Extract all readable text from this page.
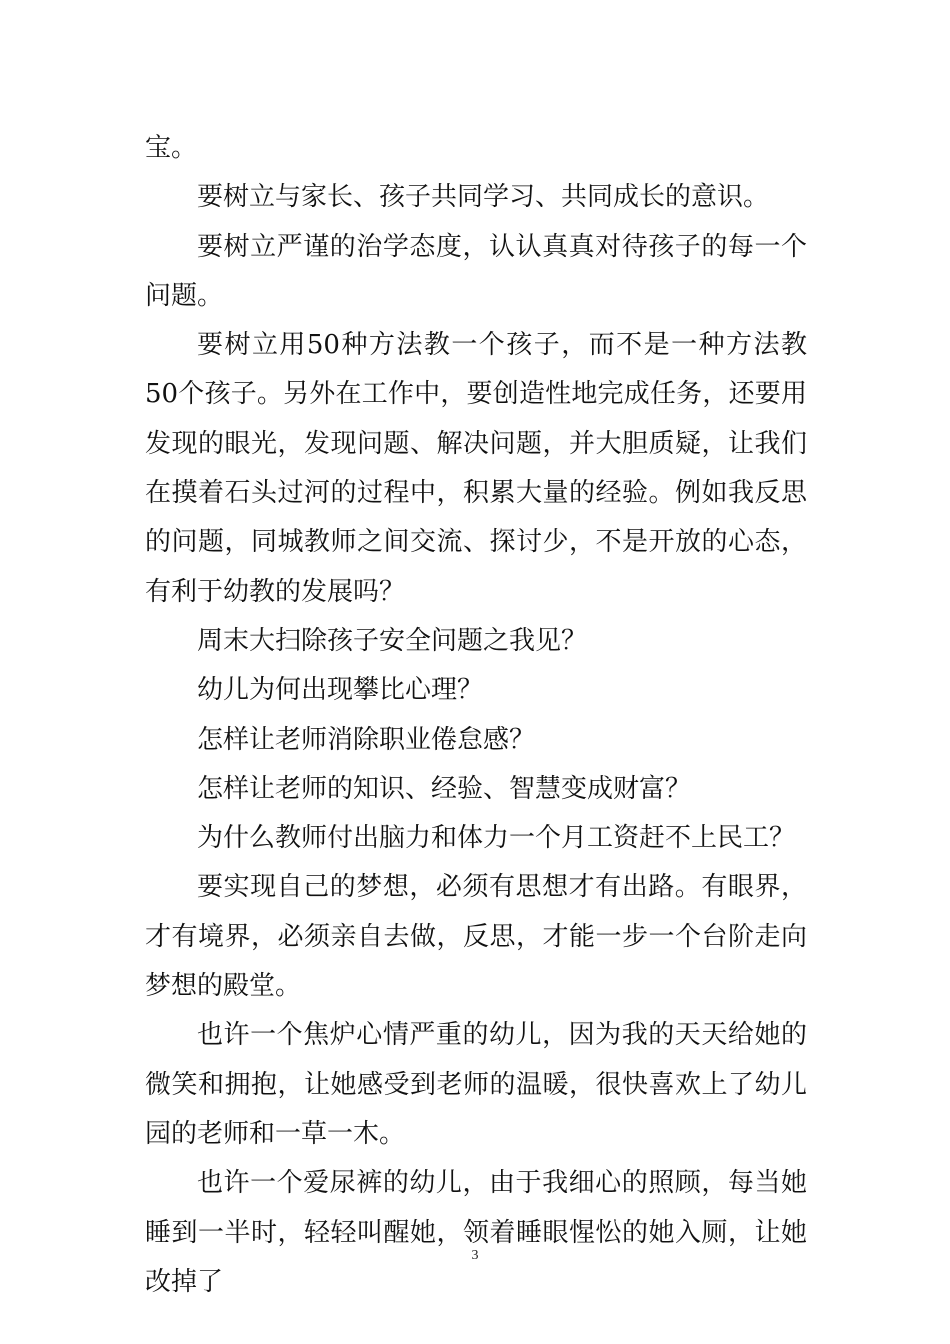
宝。

要树立与家长、孩子共同学习、共同成长的意识。

要树立严谨的治学态度，认认真真对待孩子的每一个问题。

要树立用50种方法教一个孩子，而不是一种方法教50个孩子。另外在工作中，要创造性地完成任务，还要用发现的眼光，发现问题、解决问题，并大胆质疑，让我们在摸着石头过河的过程中，积累大量的经验。例如我反思的问题，同城教师之间交流、探讨少，不是开放的心态，有利于幼教的发展吗？

周末大扫除孩子安全问题之我见？

幼儿为何出现攀比心理？

怎样让老师消除职业倦怠感？

怎样让老师的知识、经验、智慧变成财富？

为什么教师付出脑力和体力一个月工资赶不上民工？

要实现自己的梦想，必须有思想才有出路。有眼界，才有境界，必须亲自去做，反思，才能一步一个台阶走向梦想的殿堂。

也许一个焦炉心情严重的幼儿，因为我的天天给她的微笑和拥抱，让她感受到老师的温暖，很快喜欢上了幼儿园的老师和一草一木。

也许一个爱尿裤的幼儿，由于我细心的照顾，每当她睡到一半时，轻轻叫醒她，领着睡眼惺忪的她入厕，让她改掉了

3
